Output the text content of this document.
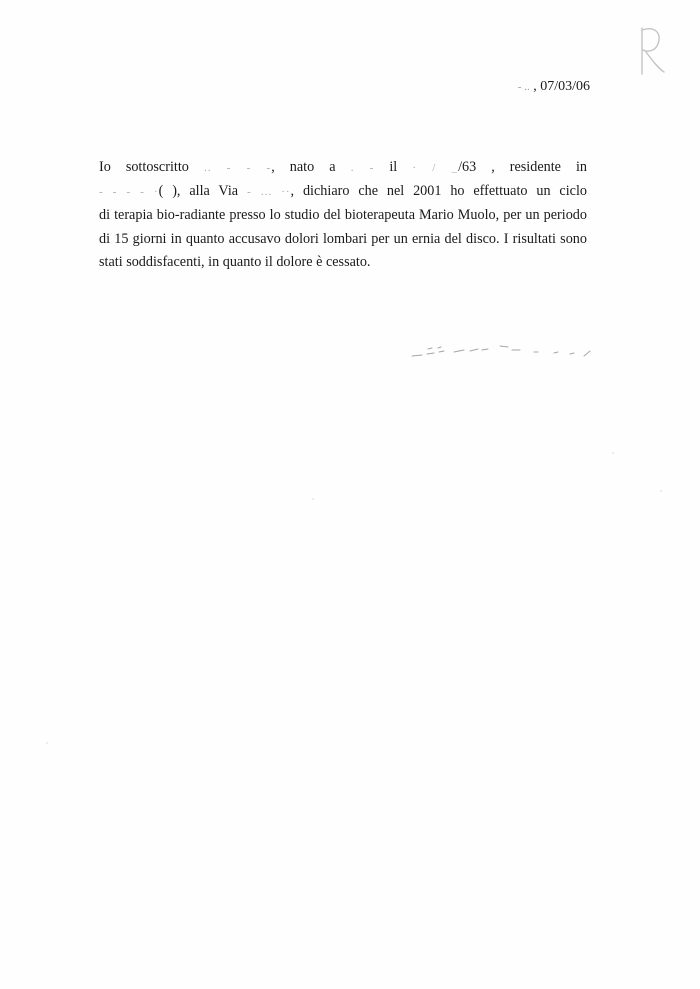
- .. , 07/03/06
Io sottoscritto .. - - -, nato a . - il · / _/63 , residente in
- - - - ·( ), alla Via - ... ··, dichiaro che nel 2001 ho effettuato un ciclo
di terapia bio-radiante presso lo studio del bioterapeuta Mario Muolo, per un periodo
di 15 giorni in quanto accusavo dolori lombari per un ernia del disco. I risultati sono
stati soddisfacenti, in quanto il dolore è cessato.
